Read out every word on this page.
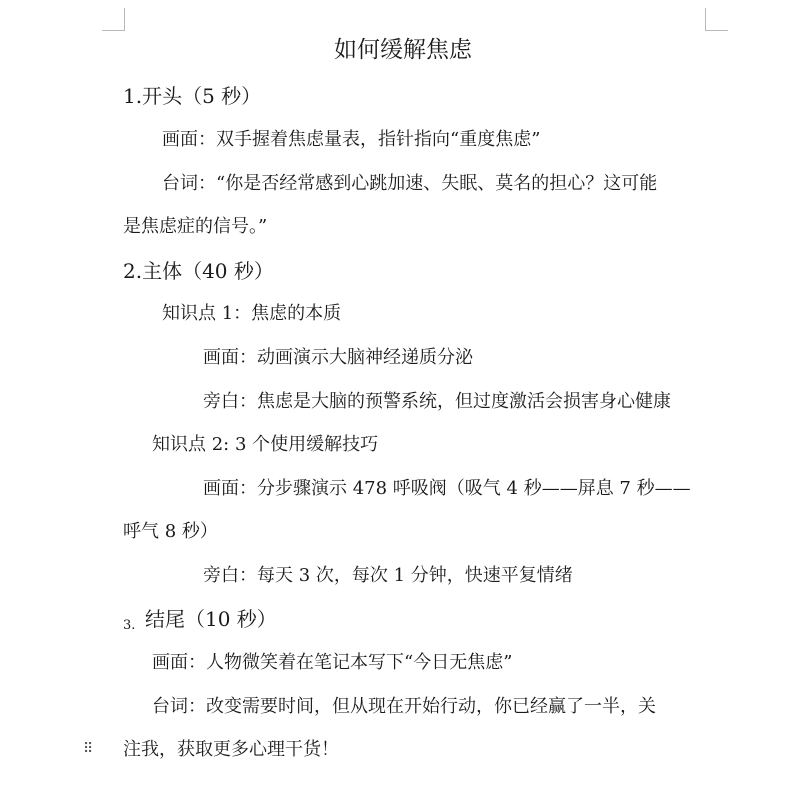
如何缓解焦虑
1.开头（5 秒）
画面：双手握着焦虑量表，指针指向“重度焦虑”
台词：“你是否经常感到心跳加速、失眠、莫名的担心？这可能
是焦虑症的信号。”
2.主体（40 秒）
知识点 1：焦虑的本质
画面：动画演示大脑神经递质分泌
旁白：焦虑是大脑的预警系统，但过度激活会损害身心健康
知识点 2: 3 个使用缓解技巧
画面：分步骤演示 478 呼吸阀（吸气 4 秒——屏息 7 秒——
呼气 8 秒）
旁白：每天 3 次，每次 1 分钟，快速平复情绪
3. 结尾（10 秒）
画面：人物微笑着在笔记本写下“今日无焦虑”
台词：改变需要时间，但从现在开始行动，你已经赢了一半，关
注我，获取更多心理干货！
⠿
